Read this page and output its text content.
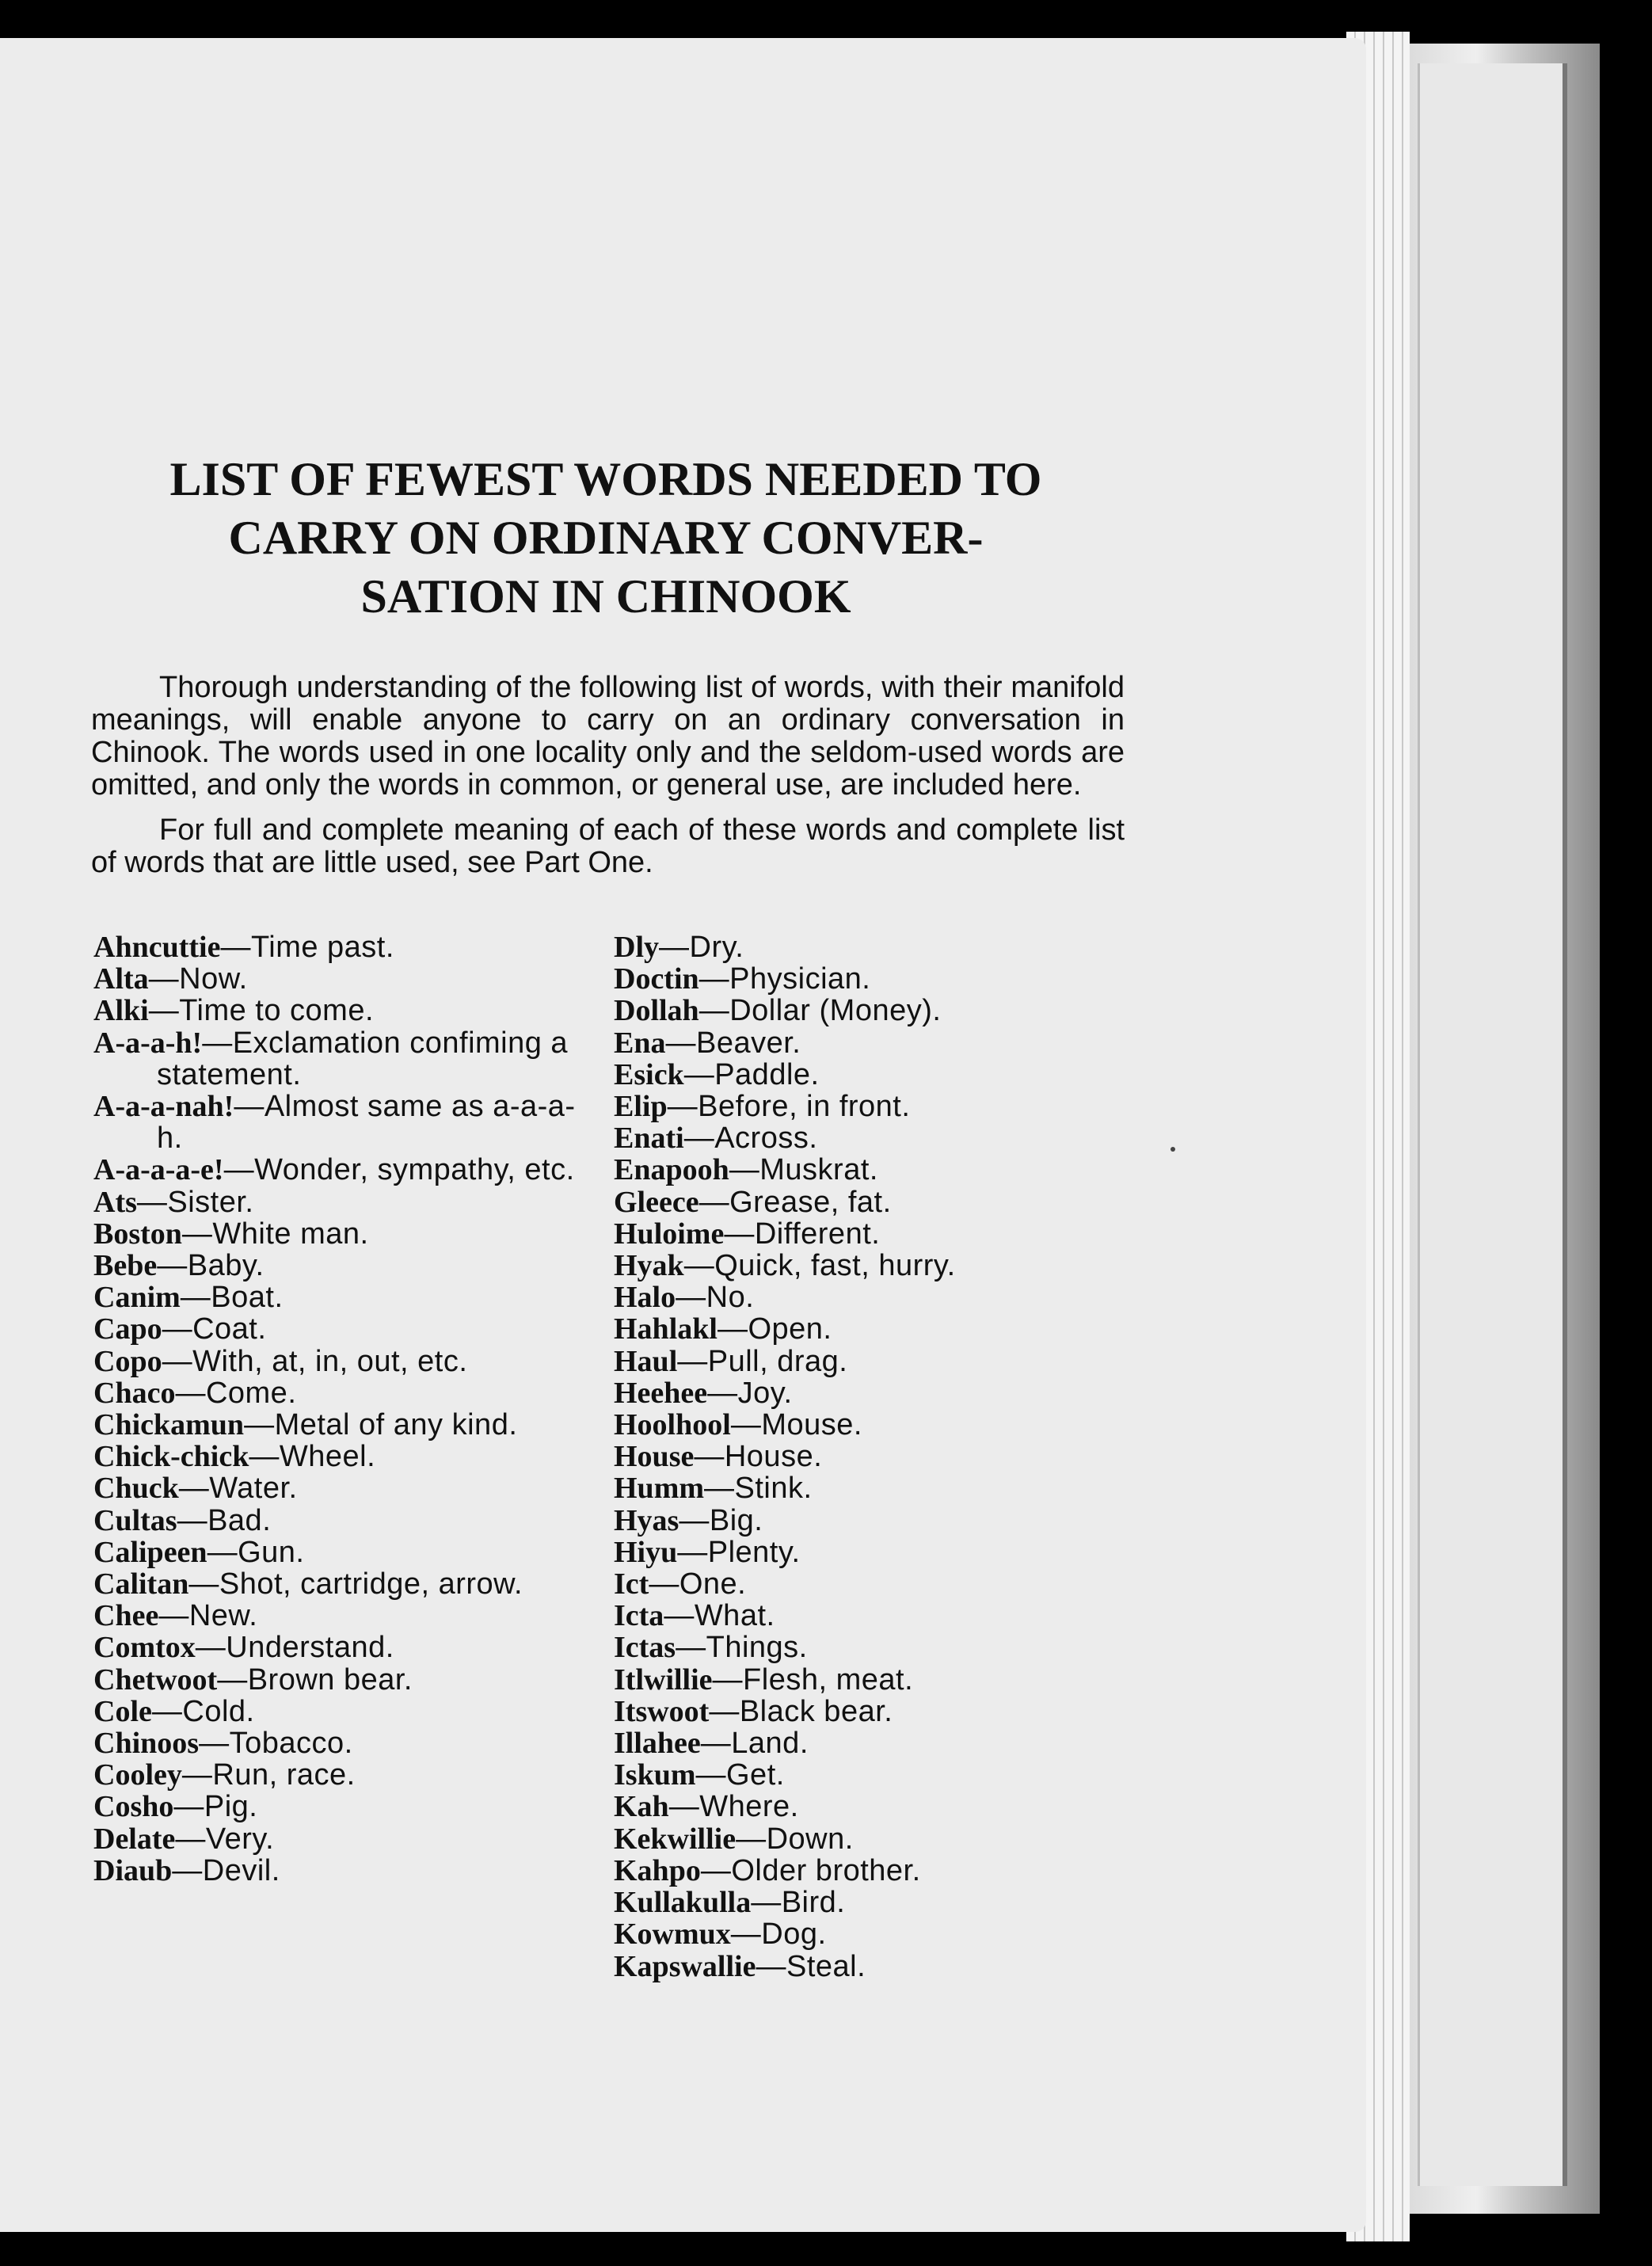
LIST OF FEWEST WORDS NEEDED TO
CARRY ON ORDINARY CONVER-
SATION IN CHINOOK

Thorough understanding of the following list of words, with their manifold meanings, will enable anyone to carry on an ordinary conversation in Chinook. The words used in one locality only and the seldom-used words are omitted, and only the words in common, or general use, are included here.

For full and complete meaning of each of these words and complete list of words that are little used, see Part One.

Ahncuttie—Time past.
Alta—Now.
Alki—Time to come.
A-a-a-h!—Exclamation confiming a statement.
A-a-a-nah!—Almost same as a-a-a-h.
A-a-a-a-e!—Wonder, sympathy, etc.
Ats—Sister.
Boston—White man.
Bebe—Baby.
Canim—Boat.
Capo—Coat.
Copo—With, at, in, out, etc.
Chaco—Come.
Chickamun—Metal of any kind.
Chick-chick—Wheel.
Chuck—Water.
Cultas—Bad.
Calipeen—Gun.
Calitan—Shot, cartridge, arrow.
Chee—New.
Comtox—Understand.
Chetwoot—Brown bear.
Cole—Cold.
Chinoos—Tobacco.
Cooley—Run, race.
Cosho—Pig.
Delate—Very.
Diaub—Devil.
Dly—Dry.
Doctin—Physician.
Dollah—Dollar (Money).
Ena—Beaver.
Esick—Paddle.
Elip—Before, in front.
Enati—Across.
Enapooh—Muskrat.
Gleece—Grease, fat.
Huloime—Different.
Hyak—Quick, fast, hurry.
Halo—No.
Hahlakl—Open.
Haul—Pull, drag.
Heehee—Joy.
Hoolhool—Mouse.
House—House.
Humm—Stink.
Hyas—Big.
Hiyu—Plenty.
Ict—One.
Icta—What.
Ictas—Things.
Itlwillie—Flesh, meat.
Itswoot—Black bear.
Illahee—Land.
Iskum—Get.
Kah—Where.
Kekwillie—Down.
Kahpo—Older brother.
Kullakulla—Bird.
Kowmux—Dog.
Kapswallie—Steal.
